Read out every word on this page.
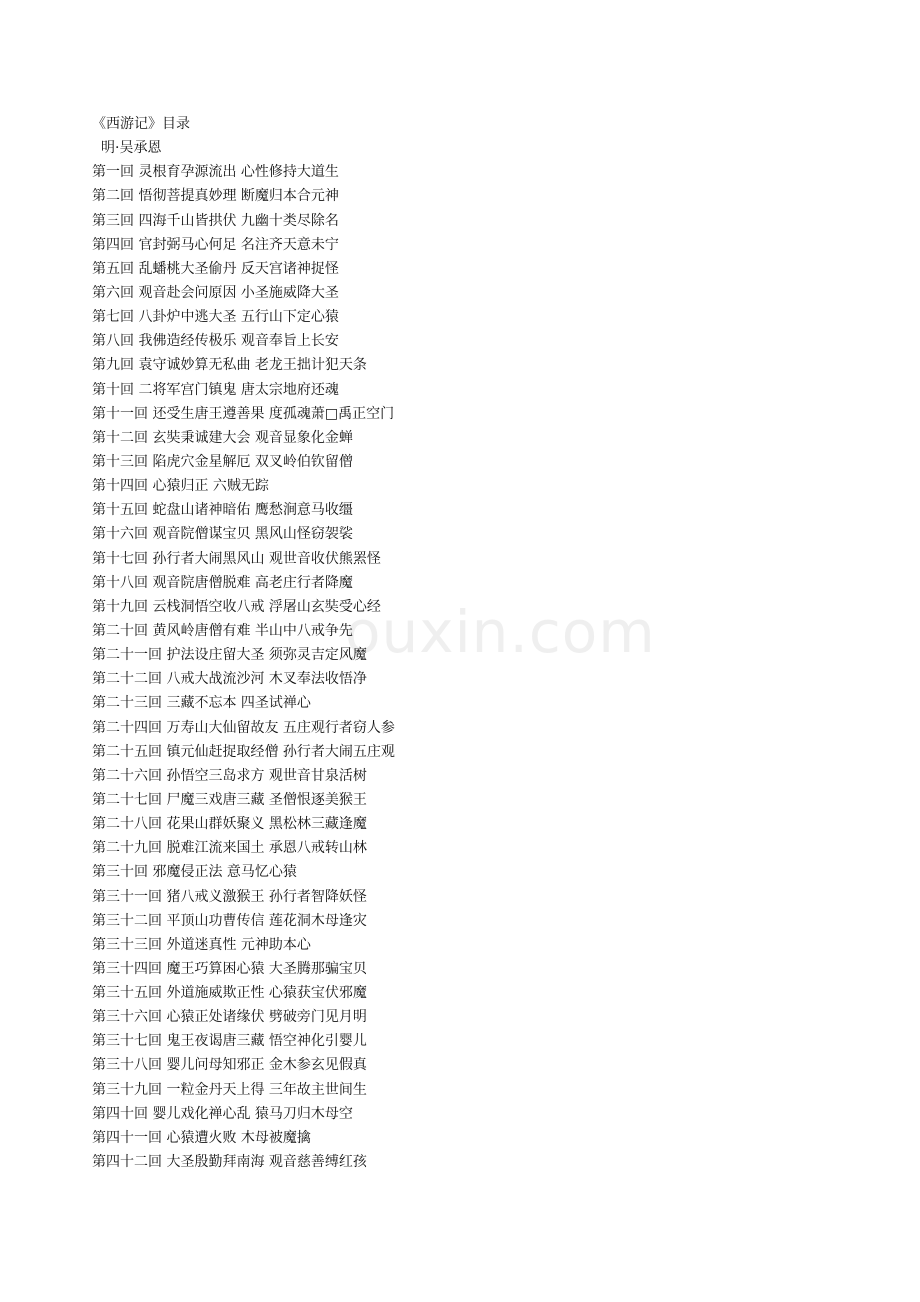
ouxin.com
《西游记》目录
明·吴承恩
第一回 灵根育孕源流出 心性修持大道生
第二回 悟彻菩提真妙理 断魔归本合元神
第三回 四海千山皆拱伏 九幽十类尽除名
第四回 官封弼马心何足 名注齐天意未宁
第五回 乱蟠桃大圣偷丹 反天宫诸神捉怪
第六回 观音赴会问原因 小圣施威降大圣
第七回 八卦炉中逃大圣 五行山下定心猿
第八回 我佛造经传极乐 观音奉旨上长安
第九回 袁守诚妙算无私曲 老龙王拙计犯天条
第十回 二将军宫门镇鬼 唐太宗地府还魂
第十一回 还受生唐王遵善果 度孤魂萧□禹正空门
第十二回 玄奘秉诚建大会 观音显象化金蝉
第十三回 陷虎穴金星解厄 双叉岭伯钦留僧
第十四回 心猿归正 六贼无踪
第十五回 蛇盘山诸神暗佑 鹰愁涧意马收缰
第十六回 观音院僧谋宝贝 黑风山怪窃袈裟
第十七回 孙行者大闹黑风山 观世音收伏熊罴怪
第十八回 观音院唐僧脱难 高老庄行者降魔
第十九回 云栈洞悟空收八戒 浮屠山玄奘受心经
第二十回 黄风岭唐僧有难 半山中八戒争先
第二十一回 护法设庄留大圣 须弥灵吉定风魔
第二十二回 八戒大战流沙河 木叉奉法收悟净
第二十三回 三藏不忘本 四圣试禅心
第二十四回 万寿山大仙留故友 五庄观行者窃人参
第二十五回 镇元仙赶捉取经僧 孙行者大闹五庄观
第二十六回 孙悟空三岛求方 观世音甘泉活树
第二十七回 尸魔三戏唐三藏 圣僧恨逐美猴王
第二十八回 花果山群妖聚义 黑松林三藏逢魔
第二十九回 脱难江流来国土 承恩八戒转山林
第三十回 邪魔侵正法 意马忆心猿
第三十一回 猪八戒义激猴王 孙行者智降妖怪
第三十二回 平顶山功曹传信 莲花洞木母逢灾
第三十三回 外道迷真性 元神助本心
第三十四回 魔王巧算困心猿 大圣腾那骗宝贝
第三十五回 外道施威欺正性 心猿获宝伏邪魔
第三十六回 心猿正处诸缘伏 劈破旁门见月明
第三十七回 鬼王夜谒唐三藏 悟空神化引婴儿
第三十八回 婴儿问母知邪正 金木参玄见假真
第三十九回 一粒金丹天上得 三年故主世间生
第四十回 婴儿戏化禅心乱 猿马刀归木母空
第四十一回 心猿遭火败 木母被魔擒
第四十二回 大圣殷勤拜南海 观音慈善缚红孩
